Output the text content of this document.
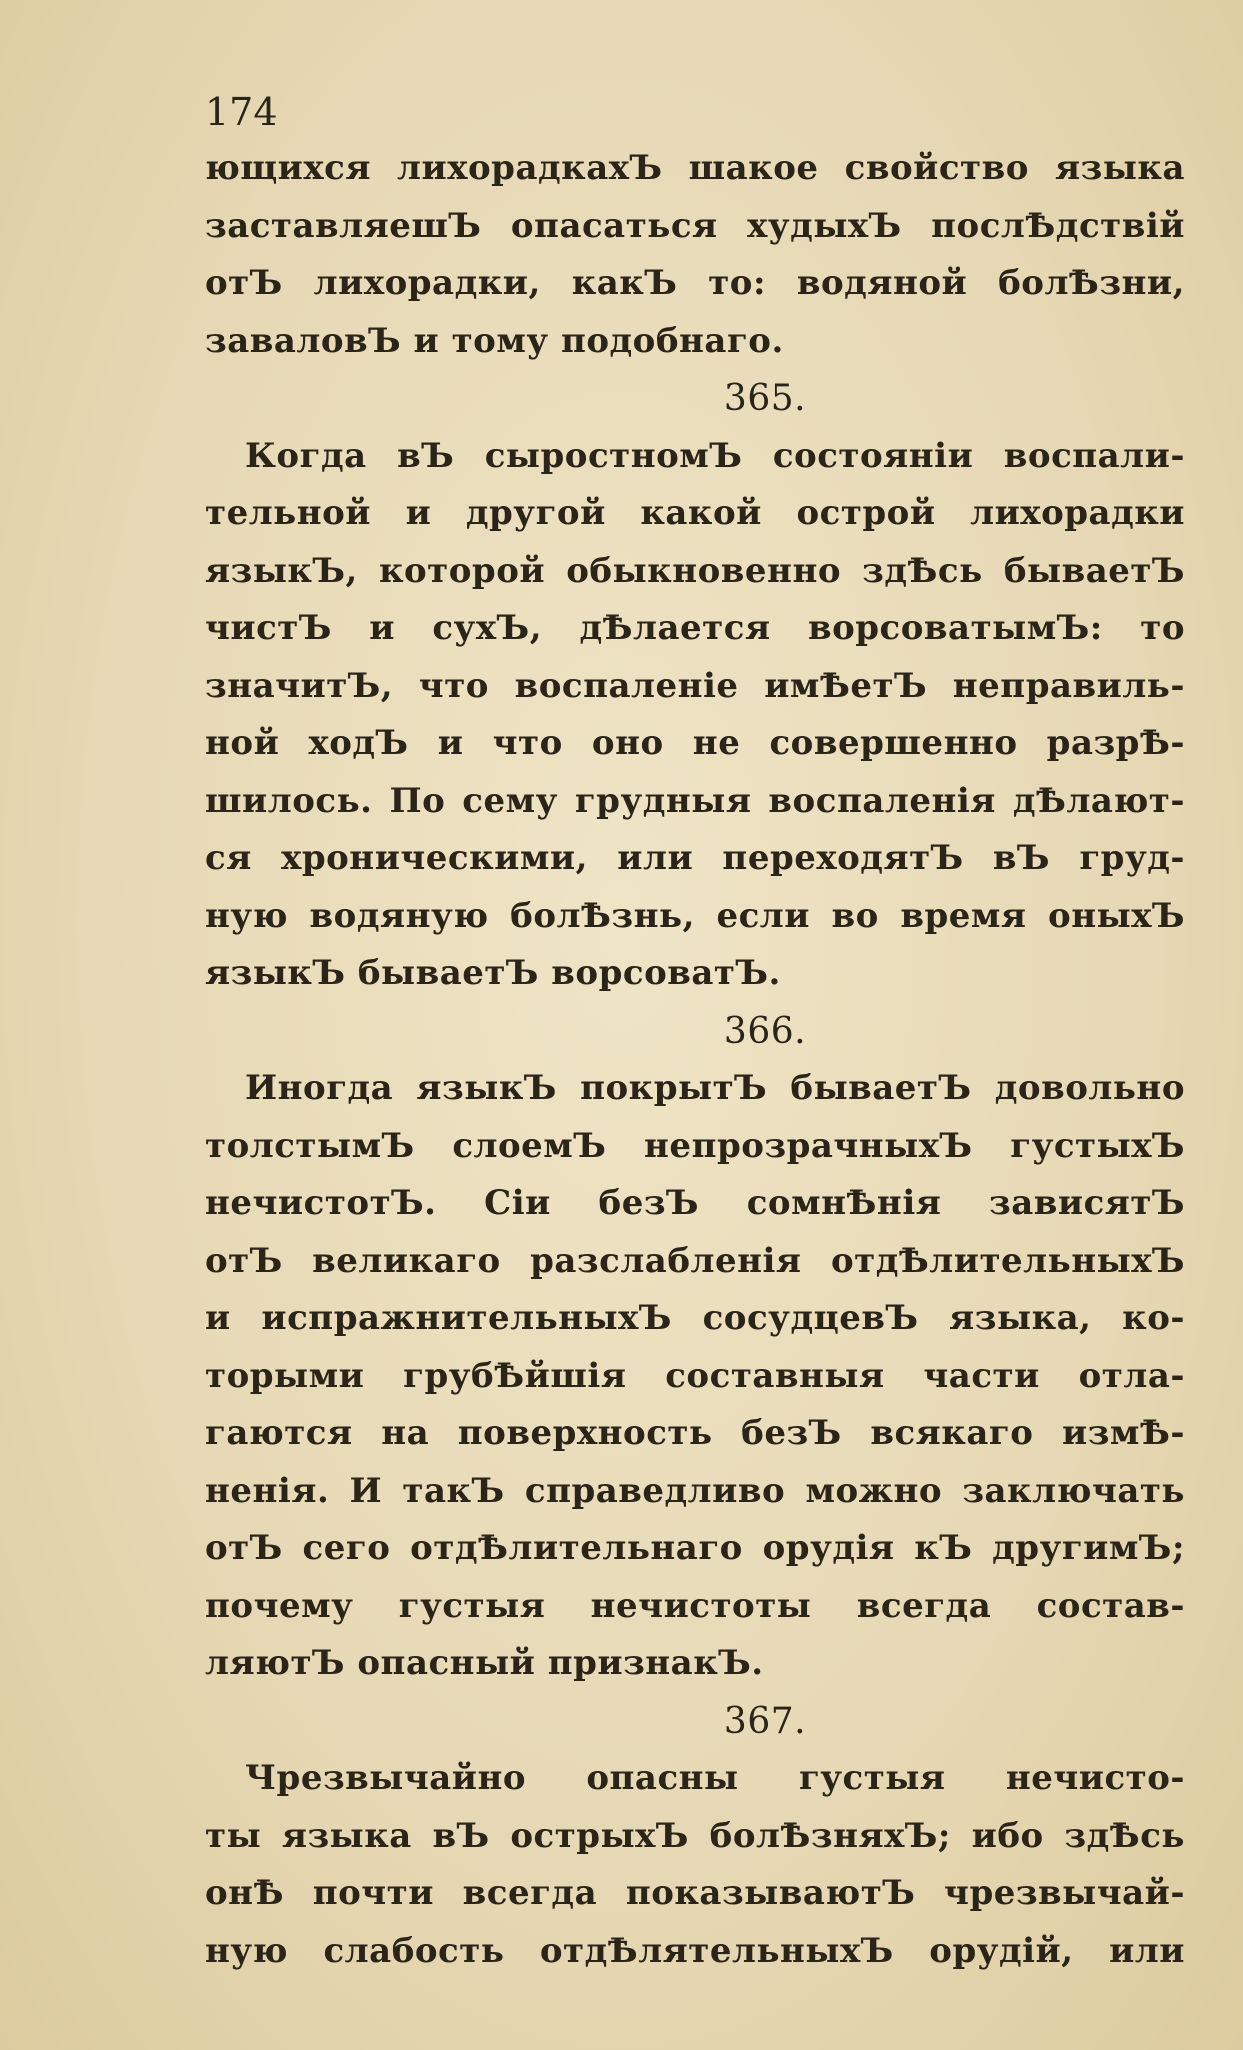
174
ющихся лихорадкахЪ шакое свойство языка
заставляешЪ опасаться худыхЪ послѢдствій
отЪ лихорадки, какЪ то: водяной болѢзни,
заваловЪ и тому подобнаго.
365.
Когда вЪ сыростномЪ состояніи воспали-
тельной и другой какой острой лихорадки
языкЪ, которой обыкновенно здѢсь бываетЪ
чистЪ и сухЪ, дѢлается ворсоватымЪ: то
значитЪ, что воспаленіе имѢетЪ неправиль-
ной ходЪ и что оно не совершенно разрѢ-
шилось. По сему грудныя воспаленія дѢлают-
ся хроническими, или переходятЪ вЪ груд-
ную водяную болѢзнь, если во время оныхЪ
языкЪ бываетЪ ворсоватЪ.
366.
Иногда языкЪ покрытЪ бываетЪ довольно
толстымЪ слоемЪ непрозрачныхЪ густыхЪ
нечистотЪ. Сіи безЪ сомнѢнія зависятЪ
отЪ великаго разслабленія отдѢлительныхЪ
и испражнительныхЪ сосудцевЪ языка, ко-
торыми грубѢйшія составныя части отла-
гаются на поверхность безЪ всякаго измѢ-
ненія. И такЪ справедливо можно заключать
отЪ сего отдѢлительнаго орудія кЪ другимЪ;
почему густыя нечистоты всегда состав-
ляютЪ опасный признакЪ.
367.
Чрезвычайно опасны густыя нечисто-
ты языка вЪ острыхЪ болѢзняхЪ; ибо здѢсь
онѢ почти всегда показываютЪ чрезвычай-
ную слабость отдѢлятельныхЪ орудій, или
